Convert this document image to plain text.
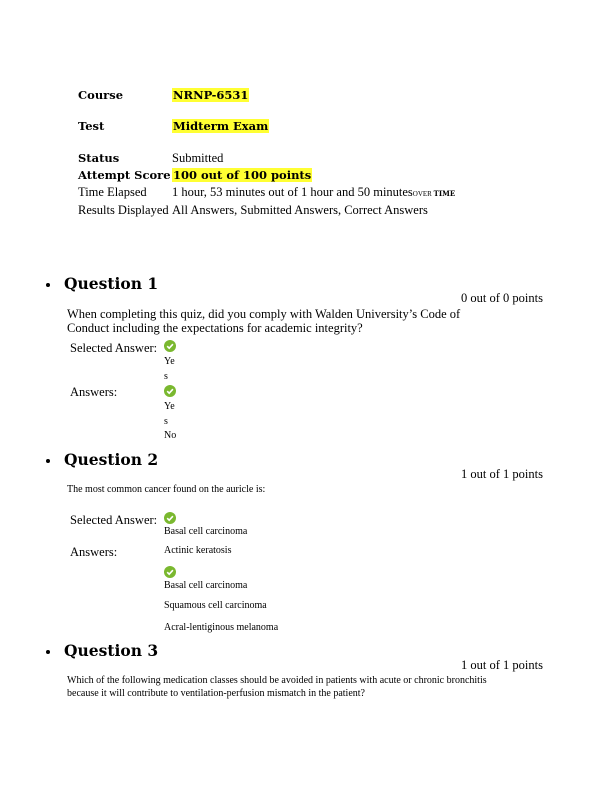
Course	NRNP-6531
Test	Midterm Exam
Status	Submitted
Attempt Score 100 out of 100 points
Time Elapsed	1 hour, 53 minutes out of 1 hour and 50 minutesOVER TIME
Results Displayed All Answers, Submitted Answers, Correct Answers
Question 1
0 out of 0 points
When completing this quiz, did you comply with Walden University’s Code of Conduct including the expectations for academic integrity?
Selected Answer:
Yes
Answers:
Yes
No
Question 2
1 out of 1 points
The most common cancer found on the auricle is:
Selected Answer:
Basal cell carcinoma
Answers:	Actinic keratosis
Basal cell carcinoma
Squamous cell carcinoma
Acral-lentiginous melanoma
Question 3
1 out of 1 points
Which of the following medication classes should be avoided in patients with acute or chronic bronchitis because it will contribute to ventilation-perfusion mismatch in the patient?
